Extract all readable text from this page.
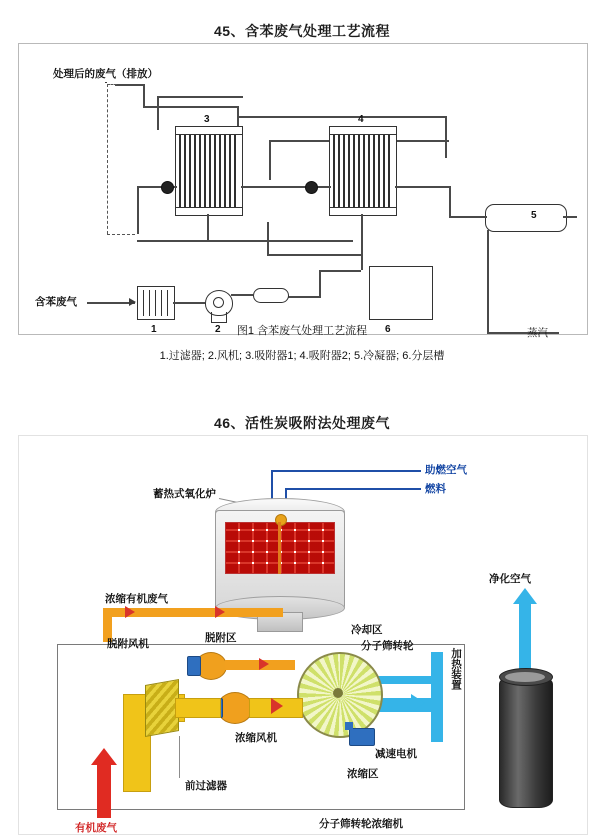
45、含苯废气处理工艺流程
3	4
5
6
1	2
处理后的废气（排放）
含苯废气
蒸汽
图1 含苯废气处理工艺流程
1.过滤器; 2.风机; 3.吸附器1; 4.吸附器2; 5.冷凝器; 6.分层槽
46、活性炭吸附法处理废气
助燃空气
燃料
蓄热式氧化炉
浓缩有机废气
净化空气
加热装置
冷却区
分子筛转轮
脱附区
浓缩区
脱附风机
前过滤器
浓缩风机
减速电机
有机废气	分子筛转轮浓缩机
